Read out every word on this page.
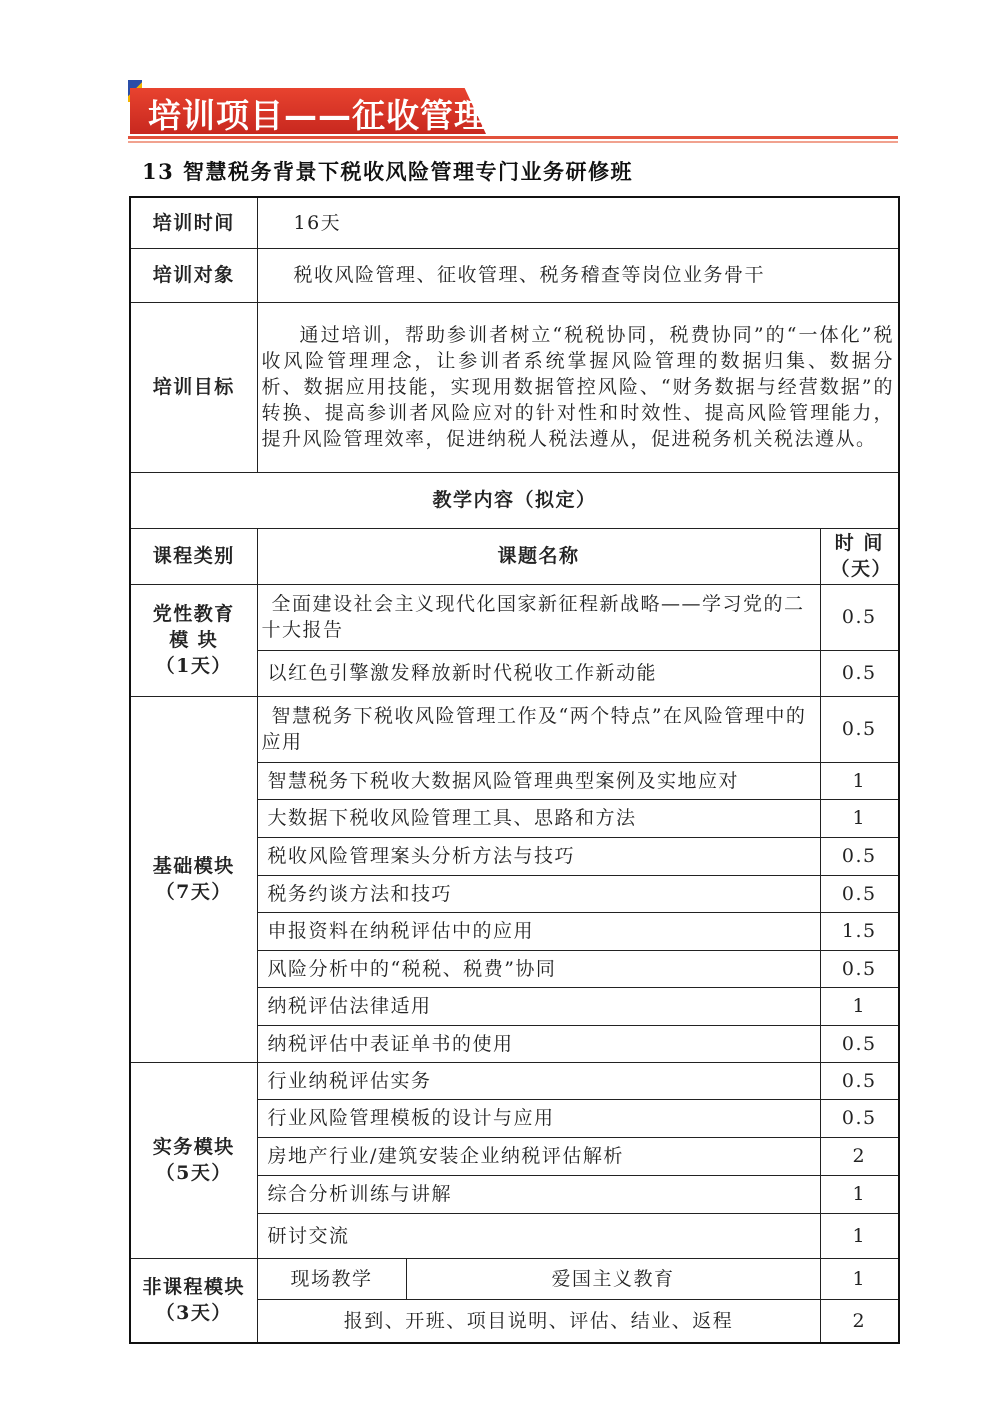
培训项目——征收管理类
13 智慧税务背景下税收风险管理专门业务研修班
培训时间	16天		
培训对象	税收风险管理、征收管理、税务稽查等岗位业务骨干		
培训目标	通过培训，帮助参训者树立“税税协同，税费协同”的“一体化”税收风险管理理念，让参训者系统掌握风险管理的数据归集、数据分析、数据应用技能，实现用数据管控风险、“财务数据与经营数据”的转换、提高参训者风险应对的针对性和时效性、提高风险管理能力，提升风险管理效率，促进纳税人税法遵从，促进税务机关税法遵从。		

教学内容（拟定）			
课程类别	课题名称		时 间
（天）

党性教育
模 块
（1天）	全面建设社会主义现代化国家新征程新战略——学习党的二十大报告		0.5
	以红色引擎激发释放新时代税收工作新动能		0.5

基础模块
（7天）	智慧税务下税收风险管理工作及“两个特点”在风险管理中的应用		0.5
	智慧税务下税收大数据风险管理典型案例及实地应对		1
	大数据下税收风险管理工具、思路和方法		1
	税收风险管理案头分析方法与技巧		0.5
	税务约谈方法和技巧		0.5
	申报资料在纳税评估中的应用		1.5
	风险分析中的“税税、税费”协同		0.5
	纳税评估法律适用		1
	纳税评估中表证单书的使用		0.5

实务模块
（5天）	行业纳税评估实务		0.5
	行业风险管理模板的设计与应用		0.5
	房地产行业/建筑安装企业纳税评估解析		2
	综合分析训练与讲解		1
	研讨交流		1

非课程模块
（3天）	现场教学	爱国主义教育	1
	报到、开班、项目说明、评估、结业、返程		2
